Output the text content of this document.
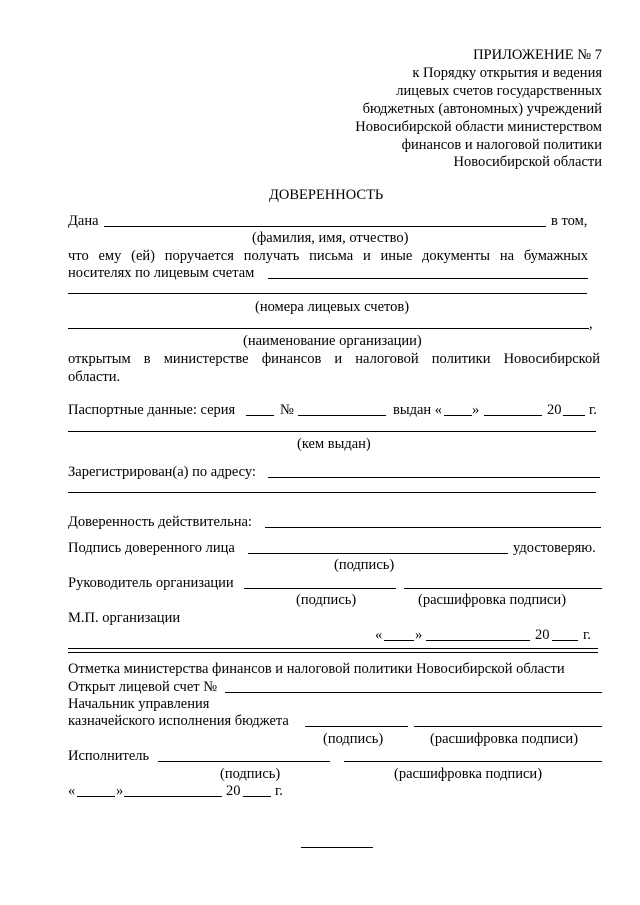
ПРИЛОЖЕНИЕ № 7
к Порядку открытия и ведения
лицевых счетов государственных
бюджетных (автономных) учреждений
Новосибирской области министерством
финансов и налоговой политики
Новосибирской области
ДОВЕРЕННОСТЬ
Дана	в том,
(фамилия, имя, отчество)
что ему (ей) поручается получать письма и иные документы на бумажных
носителях по лицевым счетам
(номера лицевых счетов)
,
(наименование организации)
открытым в министерстве финансов и налоговой политики Новосибирской
области.
Паспортные данные: серия	№	выдан « »	20 г.
(кем выдан)
Зарегистрирован(а) по адресу:
Доверенность действительна:
Подпись доверенного лица	удостоверяю.
(подпись)
Руководитель организации
(подпись)	(расшифровка подписи)
М.П. организации
« »	20 г.
Отметка министерства финансов и налоговой политики Новосибирской области
Открыт лицевой счет №
Начальник управления
казначейского исполнения бюджета
(подпись)	(расшифровка подписи)
Исполнитель
(подпись)	(расшифровка подписи)
«	»	20 г.
